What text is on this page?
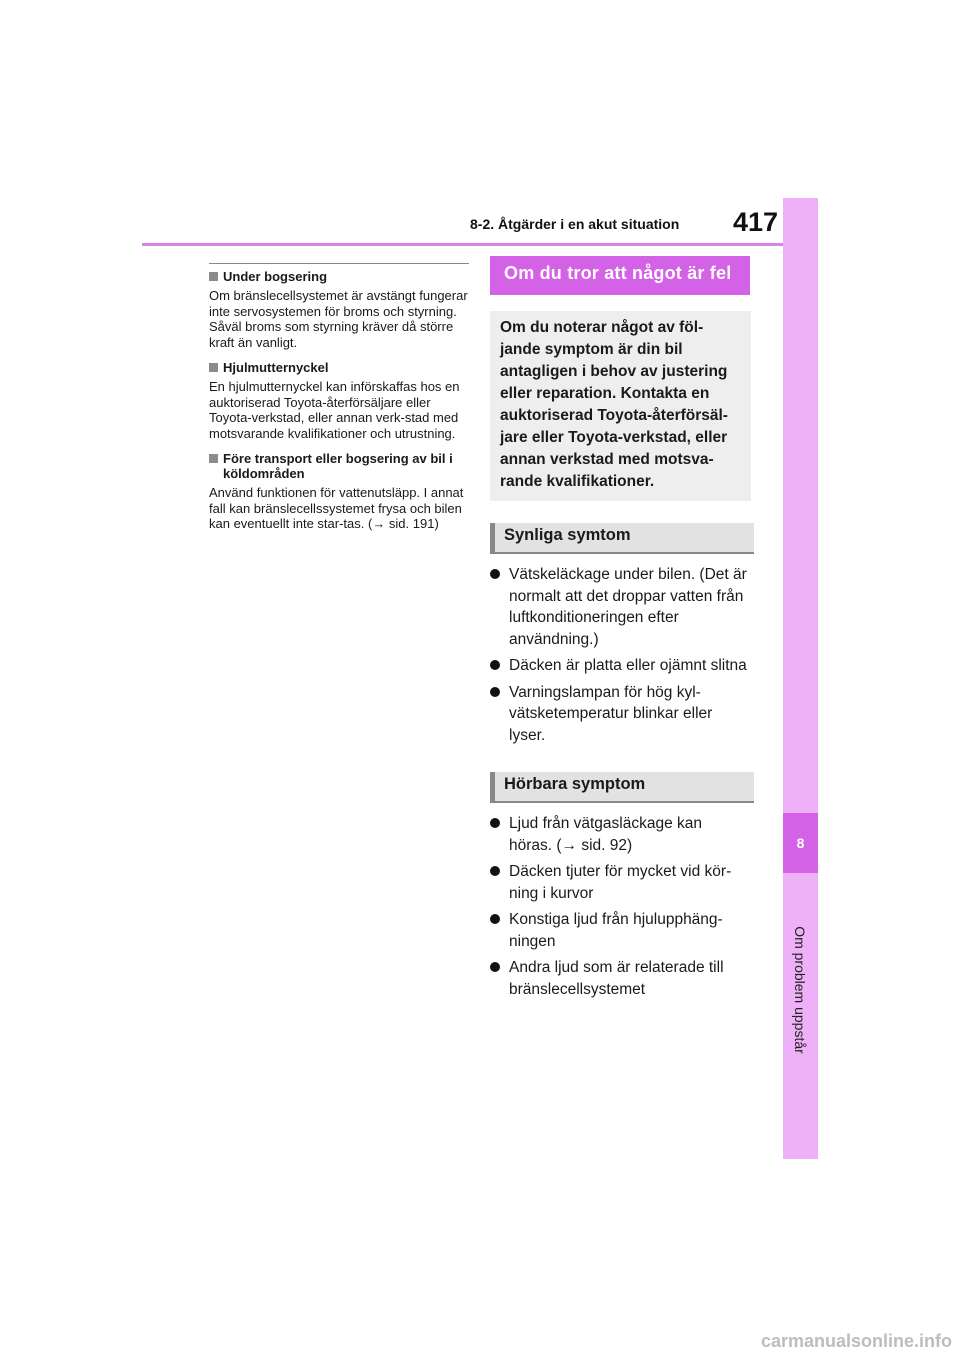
8-2. Åtgärder i en akut situation 417
8
Om problem uppstår
Under bogsering

Om bränslecellsystemet är avstängt fungerar inte servosystemen för broms och styrning. Såväl broms som styrning kräver då större kraft än vanligt.

Hjulmutternyckel

En hjulmutternyckel kan införskaffas hos en auktoriserad Toyota-återförsäljare eller Toyota-verkstad, eller annan verk-stad med motsvarande kvalifikationer och utrustning.

Före transport eller bogsering av bil i köldområden

Använd funktionen för vattenutsläpp. I annat fall kan bränslecellssystemet frysa och bilen kan eventuellt inte star-tas. (→ sid. 191)

Om du tror att något är fel
Om du noterar något av föl-jande symptom är din bil antagligen i behov av justering eller reparation. Kontakta en auktoriserad Toyota-återförsäl-jare eller Toyota-verkstad, eller annan verkstad med motsva-rande kvalifikationer.
Synliga symtom
Vätskeläckage under bilen. (Det är normalt att det droppar vatten från luftkonditioneringen efter användning.)
Däcken är platta eller ojämnt slitna
Varningslampan för hög kyl-vätsketemperatur blinkar eller lyser.
Hörbara symptom
Ljud från vätgasläckage kan höras. (→ sid. 92)
Däcken tjuter för mycket vid kör-ning i kurvor
Konstiga ljud från hjulupphäng-ningen
Andra ljud som är relaterade till bränslecellsystemet
carmanualsonline.info
